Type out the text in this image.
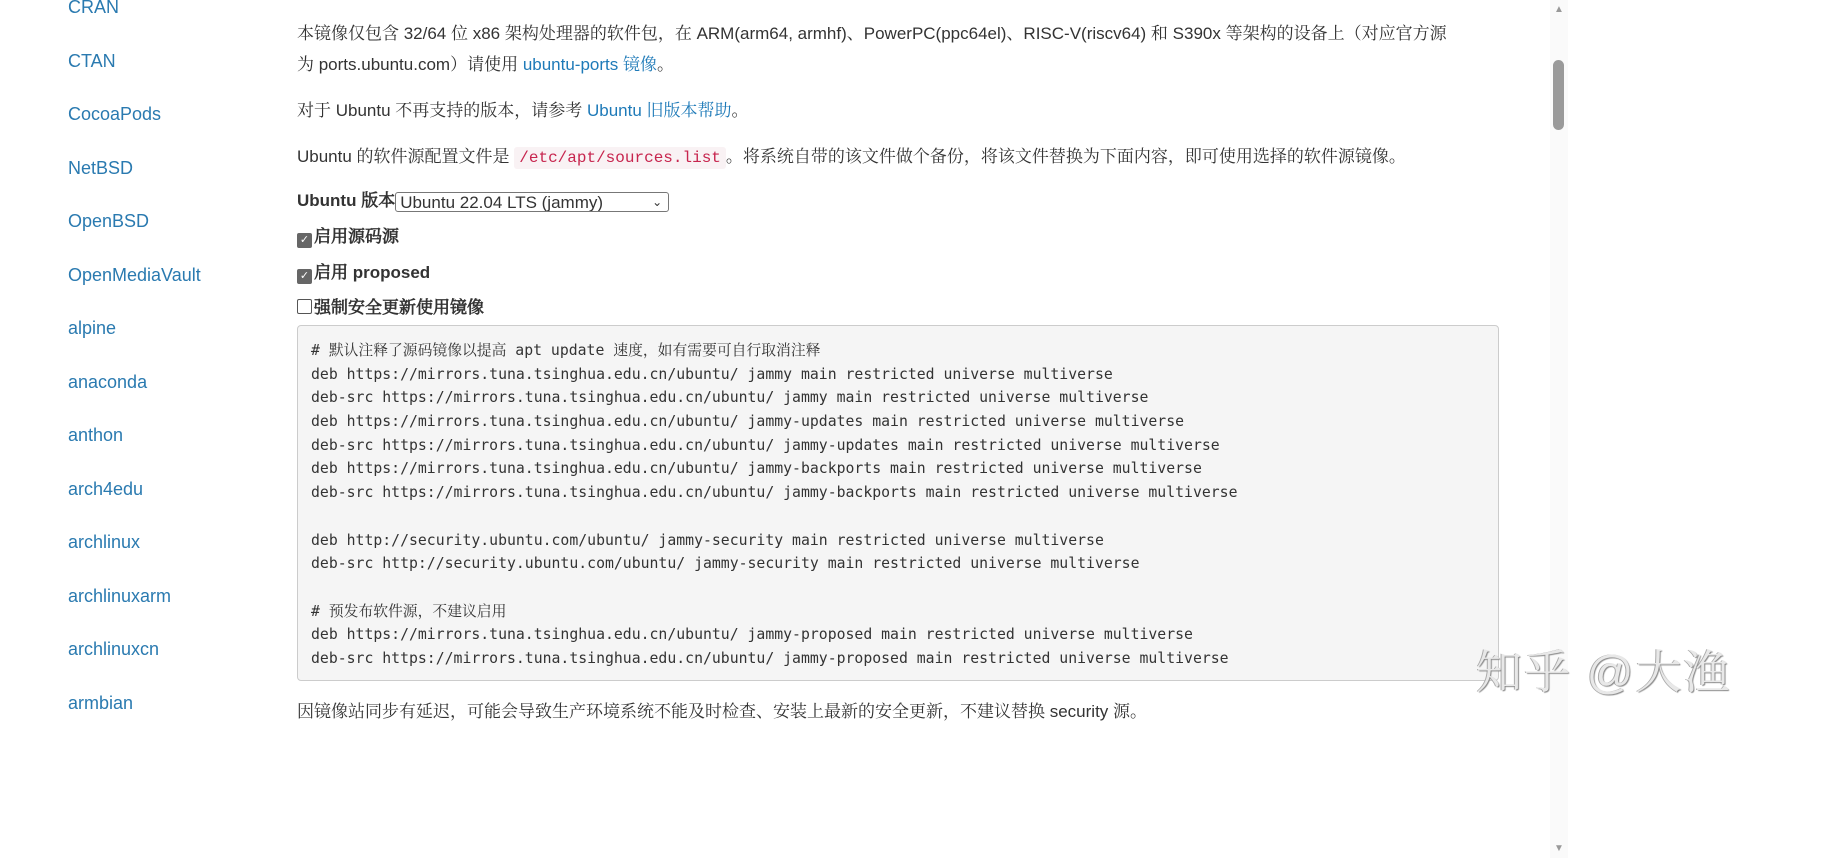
CRAN
CTAN
CocoaPods
NetBSD
OpenBSD
OpenMediaVault
alpine
anaconda
anthon
arch4edu
archlinux
archlinuxarm
archlinuxcn
armbian
本镜像仅包含 32/64 位 x86 架构处理器的软件包，在 ARM(arm64, armhf)、PowerPC(ppc64el)、RISC-V(riscv64) 和 S390x 等架构的设备上（对应官方源
为 ports.ubuntu.com）请使用 ubuntu-ports 镜像。
对于 Ubuntu 不再支持的版本，请参考 Ubuntu 旧版本帮助。
Ubuntu 的软件源配置文件是 /etc/apt/sources.list 。将系统自带的该文件做个备份，将该文件替换为下面内容，即可使用选择的软件源镜像。
Ubuntu 版本 Ubuntu 22.04 LTS (jammy)	⌄
✓ 启用源码源
✓ 启用 proposed
强制安全更新使用镜像
# 默认注释了源码镜像以提高 apt update 速度，如有需要可自行取消注释
deb https://mirrors.tuna.tsinghua.edu.cn/ubuntu/ jammy main restricted universe multiverse
deb-src https://mirrors.tuna.tsinghua.edu.cn/ubuntu/ jammy main restricted universe multiverse
deb https://mirrors.tuna.tsinghua.edu.cn/ubuntu/ jammy-updates main restricted universe multiverse
deb-src https://mirrors.tuna.tsinghua.edu.cn/ubuntu/ jammy-updates main restricted universe multiverse
deb https://mirrors.tuna.tsinghua.edu.cn/ubuntu/ jammy-backports main restricted universe multiverse
deb-src https://mirrors.tuna.tsinghua.edu.cn/ubuntu/ jammy-backports main restricted universe multiverse
deb http://security.ubuntu.com/ubuntu/ jammy-security main restricted universe multiverse
deb-src http://security.ubuntu.com/ubuntu/ jammy-security main restricted universe multiverse
# 预发布软件源，不建议启用
deb https://mirrors.tuna.tsinghua.edu.cn/ubuntu/ jammy-proposed main restricted universe multiverse
deb-src https://mirrors.tuna.tsinghua.edu.cn/ubuntu/ jammy-proposed main restricted universe multiverse
因镜像站同步有延迟，可能会导致生产环境系统不能及时检查、安装上最新的安全更新，不建议替换 security 源。
▲
▼
知乎 @大渔
